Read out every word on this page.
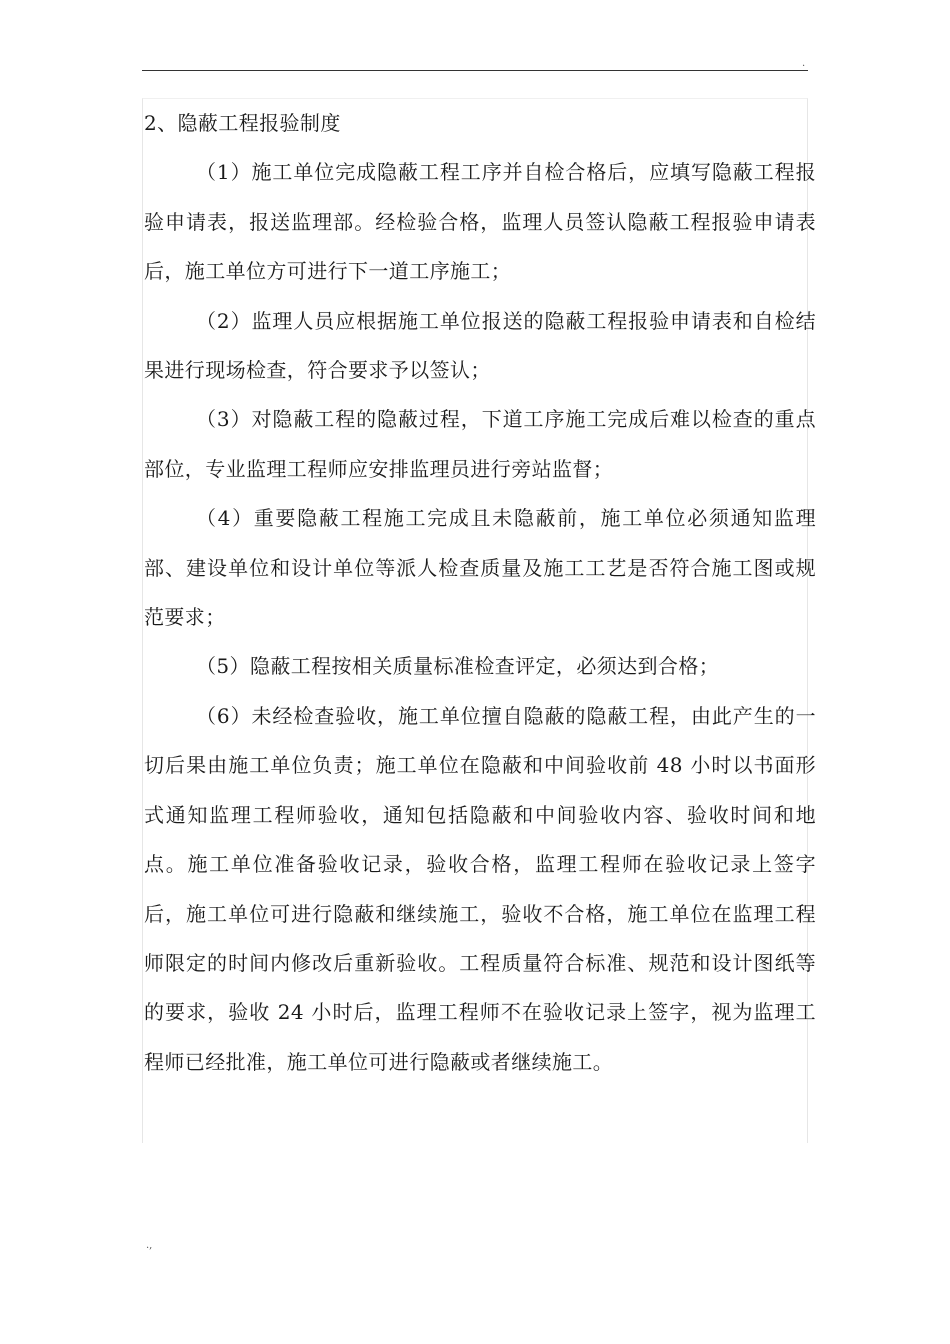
.

2、隐蔽工程报验制度

（1）施工单位完成隐蔽工程工序并自检合格后，应填写隐蔽工程报验申请表，报送监理部。经检验合格，监理人员签认隐蔽工程报验申请表后，施工单位方可进行下一道工序施工；

（2）监理人员应根据施工单位报送的隐蔽工程报验申请表和自检结果进行现场检查，符合要求予以签认；

（3）对隐蔽工程的隐蔽过程，下道工序施工完成后难以检查的重点部位，专业监理工程师应安排监理员进行旁站监督；

（4）重要隐蔽工程施工完成且未隐蔽前，施工单位必须通知监理部、建设单位和设计单位等派人检查质量及施工工艺是否符合施工图或规范要求；

（5）隐蔽工程按相关质量标准检查评定，必须达到合格；

（6）未经检查验收，施工单位擅自隐蔽的隐蔽工程，由此产生的一切后果由施工单位负责；施工单位在隐蔽和中间验收前 48 小时以书面形式通知监理工程师验收，通知包括隐蔽和中间验收内容、验收时间和地点。施工单位准备验收记录，验收合格，监理工程师在验收记录上签字后，施工单位可进行隐蔽和继续施工，验收不合格，施工单位在监理工程师限定的时间内修改后重新验收。工程质量符合标准、规范和设计图纸等的要求，验收 24 小时后，监理工程师不在验收记录上签字，视为监理工程师已经批准，施工单位可进行隐蔽或者继续施工。

.,
